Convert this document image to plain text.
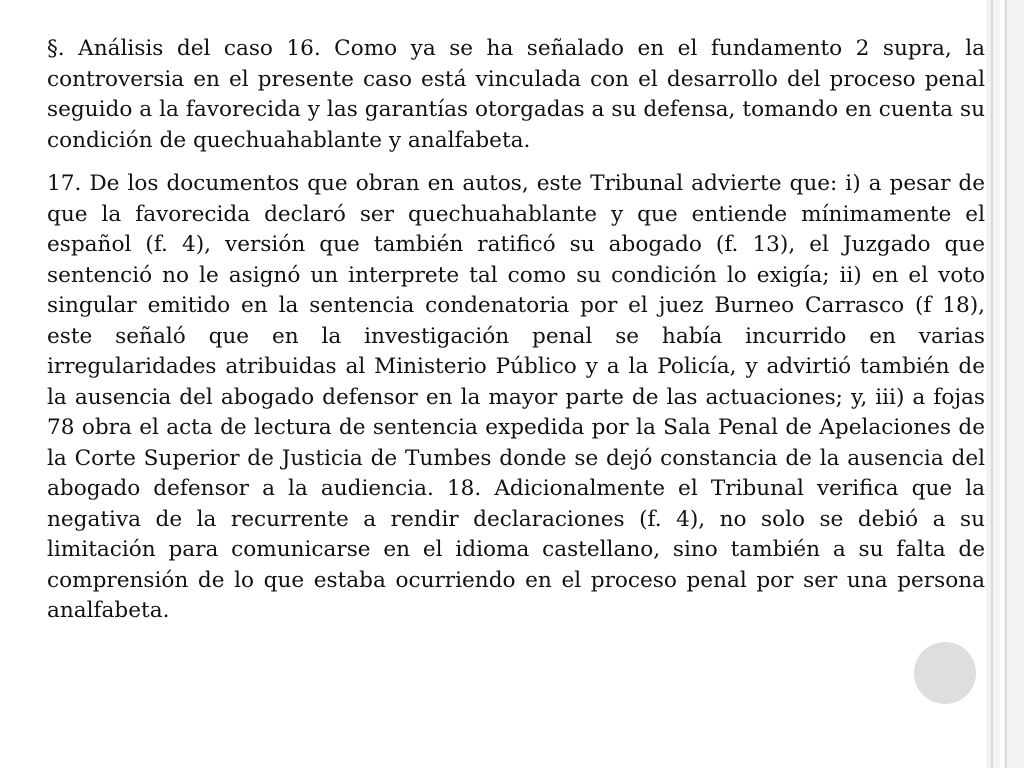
§. Análisis del caso 16. Como ya se ha señalado en el fundamento 2 supra, la controversia en el presente caso está vinculada con el desarrollo del proceso penal seguido a la favorecida y las garantías otorgadas a su defensa, tomando en cuenta su condición de quechuahablante y analfabeta.

17. De los documentos que obran en autos, este Tribunal advierte que: i) a pesar de que la favorecida declaró ser quechuahablante y que entiende mínimamente el español (f. 4), versión que también ratificó su abogado (f. 13), el Juzgado que sentenció no le asignó un interprete tal como su condición lo exigía; ii) en el voto singular emitido en la sentencia condenatoria por el juez Burneo Carrasco (f 18), este señaló que en la investigación penal se había incurrido en varias irregularidades atribuidas al Ministerio Público y a la Policía, y advirtió también de la ausencia del abogado defensor en la mayor parte de las actuaciones; y, iii) a fojas 78 obra el acta de lectura de sentencia expedida por la Sala Penal de Apelaciones de la Corte Superior de Justicia de Tumbes donde se dejó constancia de la ausencia del abogado defensor a la audiencia. 18. Adicionalmente el Tribunal verifica que la negativa de la recurrente a rendir declaraciones (f. 4), no solo se debió a su limitación para comunicarse en el idioma castellano, sino también a su falta de comprensión de lo que estaba ocurriendo en el proceso penal por ser una persona analfabeta.
